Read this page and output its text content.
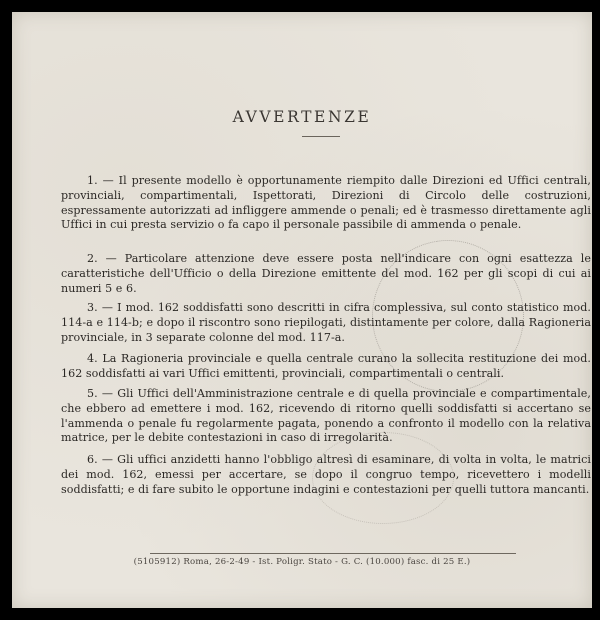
AVVERTENZE

1. — Il presente modello è opportunamente riempito dalle Direzioni ed Uffici centrali, provinciali, compartimentali, Ispettorati, Direzioni di Circolo delle costruzioni, espressamente autorizzati ad infliggere ammende o penali; ed è trasmesso direttamente agli Uffici in cui presta servizio o fa capo il personale passibile di ammenda o penale.

2. — Particolare attenzione deve essere posta nell'indicare con ogni esattezza le caratteristiche dell'Ufficio o della Direzione emittente del mod. 162 per gli scopi di cui ai numeri 5 e 6.

3. — I mod. 162 soddisfatti sono descritti in cifra complessiva, sul conto statistico mod. 114-a e 114-b; e dopo il riscontro sono riepilogati, distintamente per colore, dalla Ragioneria provinciale, in 3 separate colonne del mod. 117-a.

4. La Ragioneria provinciale e quella centrale curano la sollecita restituzione dei mod. 162 soddisfatti ai vari Uffici emittenti, provinciali, compartimentali o centrali.

5. — Gli Uffici dell'Amministrazione centrale e di quella provinciale e compartimentale, che ebbero ad emettere i mod. 162, ricevendo di ritorno quelli soddisfatti si accertano se l'ammenda o penale fu regolarmente pagata, ponendo a confronto il modello con la relativa matrice, per le debite contestazioni in caso di irregolarità.

6. — Gli uffici anzidetti hanno l'obbligo altresì di esaminare, di volta in volta, le matrici dei mod. 162, emessi per accertare, se dopo il congruo tempo, ricevettero i modelli soddisfatti; e di fare subito le opportune indagini e contestazioni per quelli tuttora mancanti.

(5105912) Roma, 26-2-49 - Ist. Poligr. Stato - G. C. (10.000) fasc. di 25 E.)
